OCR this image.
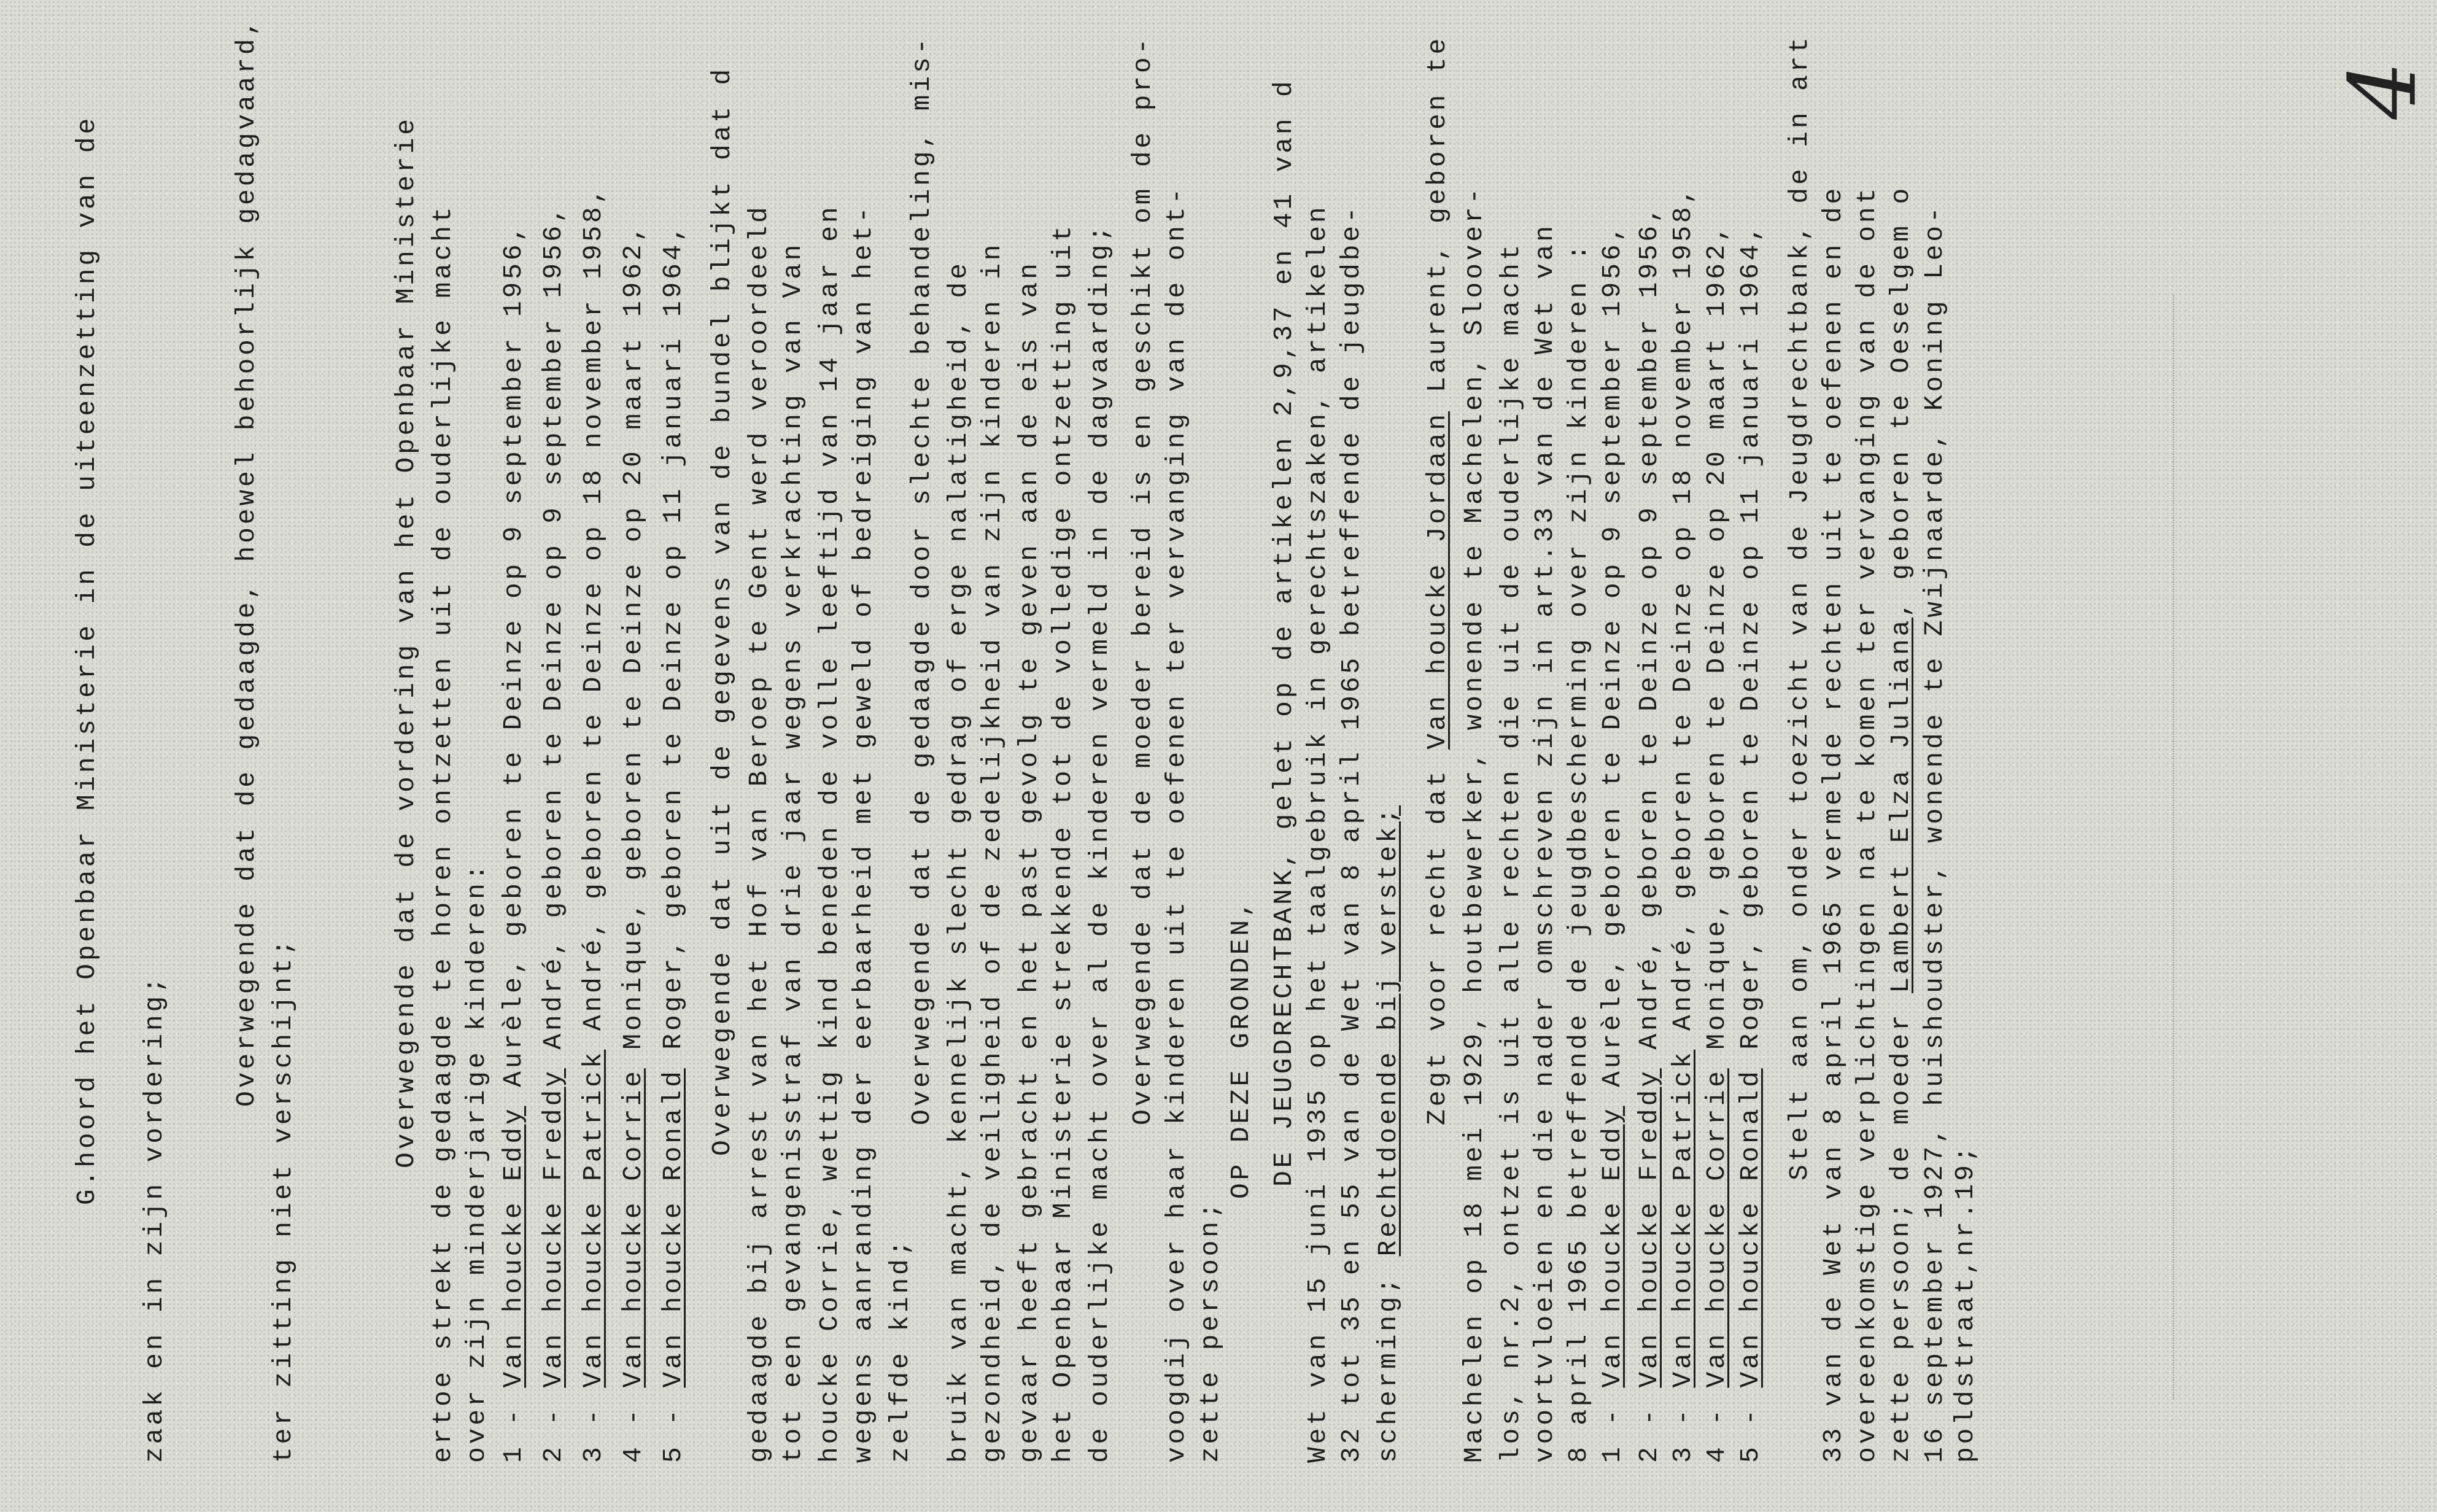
4
G.hoord het Openbaar Ministerie in de uiteenzetting van de
zaak en in zijn vordering;
Overwegende dat de gedaagde, hoewel behoorlijk gedagvaard,
ter zitting niet verschijnt;
Overwegende dat de vordering van het Openbaar Ministerie ertoe strekt de gedaagde te horen ontzetten uit de ouderlijke macht over zijn minderjarige kinderen: 1 - Van houcke Eddy Aurèle, geboren te Deinze op 9 september 1956,
2 - Van houcke Freddy André, geboren te Deinze op 9 september 1956,
3 - Van houcke Patrick André, geboren te Deinze op 18 november 1958,
4 - Van houcke Corrie Monique, geboren te Deinze op 20 maart 1962,
5 - Van houcke Ronald Roger, geboren te Deinze op 11 januari 1964, Overwegende dat uit de gegevens van de bundel blijkt dat d gedaagde bij arrest van het Hof van Beroep te Gent werd veroordeeld tot een gevangenisstraf van drie jaar wegens verkrachting van Van houcke Corrie, wettig kind beneden de volle leeftijd van 14 jaar en wegens aanranding der eerbaarheid met geweld of bedreiging van het- zelfde kind;
Overwegende dat de gedaagde door slechte behandeling, mis- bruik van macht, kennelijk slecht gedrag of erge nalatigheid, de gezondheid, de veiligheid of de zedelijkheid van zijn kinderen in gevaar heeft gebracht en het past gevolg te geven aan de eis van het Openbaar Ministerie strekkende tot de volledige ontzetting uit de ouderlijke macht over al de kinderen vermeld in de dagvaarding; Overwegende dat de moeder bereid is en geschikt om de pro- voogdij over haar kinderen uit te oefenen ter vervanging van de ont- zette persoon;
OP DEZE GRONDEN, DE JEUGDRECHTBANK, gelet op de artikelen 2,9,37 en 41 van d Wet van 15 juni 1935 op het taalgebruik in gerechtszaken, artikelen 32 tot 35 en 55 van de Wet van 8 april 1965 betreffende de jeugdbe- scherming; Rechtdoende bij verstek; Zegt voor recht dat Van houcke Jordaan Laurent, geboren te Machelen op 18 mei 1929, houtbewerker, wonende te Machelen, Sloover- los, nr.2, ontzet is uit alle rechten die uit de ouderlijke macht voortvloeien en die nader omschreven zijn in art.33 van de Wet van 8 april 1965 betreffende de jeugdbescherming over zijn kinderen : 1 - Van houcke Eddy Aurèle, geboren te Deinze op 9 september 1956,
2 - Van houcke Freddy André, geboren te Deinze op 9 september 1956,
3 - Van houcke Patrick André, geboren te Deinze op 18 november 1958,
4 - Van houcke Corrie Monique, geboren te Deinze op 20 maart 1962,
5 - Van houcke Ronald Roger, geboren te Deinze op 11 januari 1964, Stelt aan om, onder toezicht van de Jeugdrechtbank, de in art 33 van de Wet van 8 april 1965 vermelde rechten uit te oefenen en de overeenkomstige verplichtingen na te komen ter vervanging van de ont zette persoon; de moeder Lambert Elza Juliana, geboren te Oeselgem o 16 september 1927, huishoudster, wonende te Zwijnaarde, Koning Leo- poldstraat,nr.19;
